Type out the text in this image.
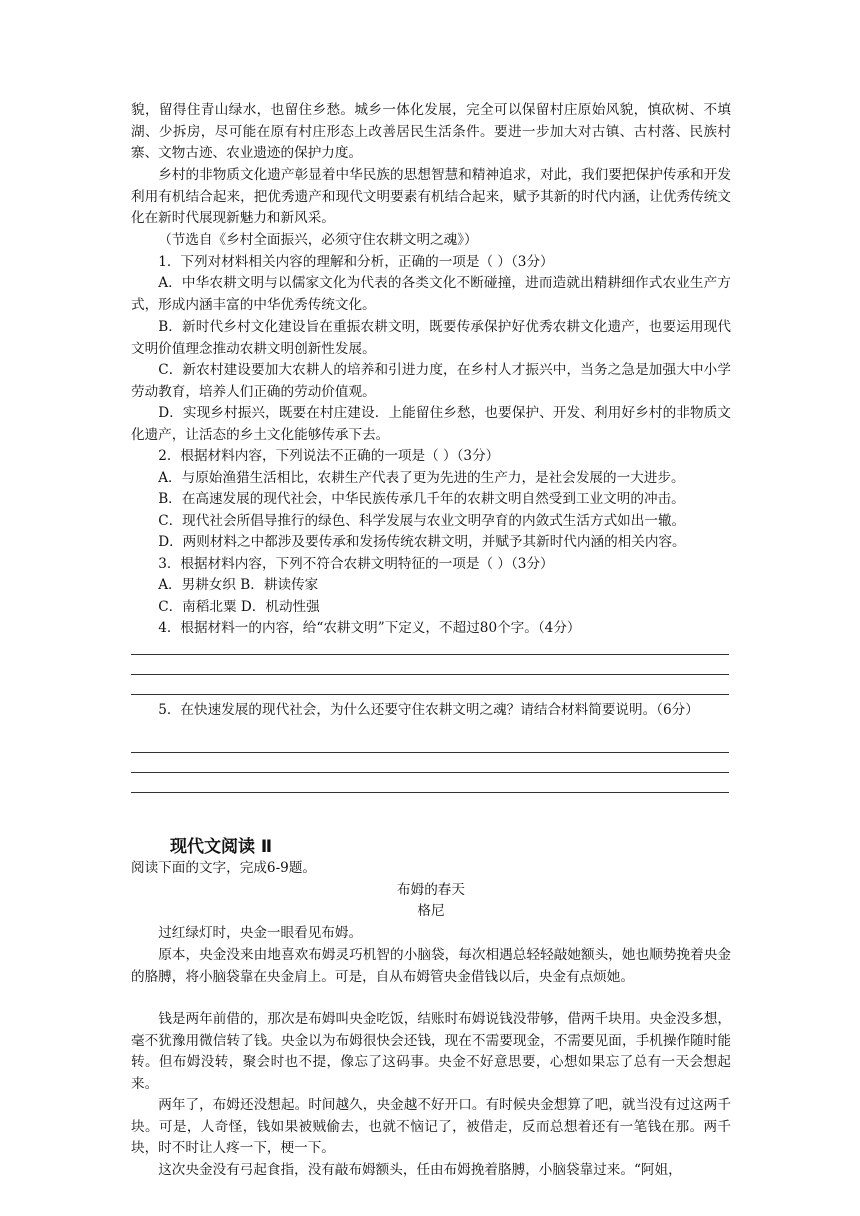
貌，留得住青山绿水，也留住乡愁。城乡一体化发展，完全可以保留村庄原始风貌，慎砍树、不填湖、少拆房，尽可能在原有村庄形态上改善居民生活条件。要进一步加大对古镇、古村落、民族村寨、文物古迹、农业遗迹的保护力度。

乡村的非物质文化遗产彰显着中华民族的思想智慧和精神追求，对此，我们要把保护传承和开发利用有机结合起来，把优秀遗产和现代文明要素有机结合起来，赋予其新的时代内涵，让优秀传统文化在新时代展现新魅力和新风采。

（节选自《乡村全面振兴，必须守住农耕文明之魂》）

1．下列对材料相关内容的理解和分析，正确的一项是（ ）（3分）

A．中华农耕文明与以儒家文化为代表的各类文化不断碰撞，进而造就出精耕细作式农业生产方式，形成内涵丰富的中华优秀传统文化。

B．新时代乡村文化建设旨在重振农耕文明，既要传承保护好优秀农耕文化遗产，也要运用现代文明价值理念推动农耕文明创新性发展。

C．新农村建设要加大农耕人的培养和引进力度，在乡村人才振兴中，当务之急是加强大中小学劳动教育，培养人们正确的劳动价值观。

D．实现乡村振兴，既要在村庄建设．上能留住乡愁，也要保护、开发、利用好乡村的非物质文化遗产，让活态的乡土文化能够传承下去。

2．根据材料内容，下列说法不正确的一项是（ ）（3分）

A．与原始渔猎生活相比，农耕生产代表了更为先进的生产力，是社会发展的一大进步。

B．在高速发展的现代社会，中华民族传承几千年的农耕文明自然受到工业文明的冲击。

C．现代社会所倡导推行的绿色、科学发展与农业文明孕育的内敛式生活方式如出一辙。

D．两则材料之中都涉及要传承和发扬传统农耕文明，并赋予其新时代内涵的相关内容。

3．根据材料内容，下列不符合农耕文明特征的一项是（ ）（3分）

A．男耕女织 B．耕读传家

C．南稻北粟 D．机动性强

4．根据材料一的内容，给“农耕文明”下定义，不超过80个字。（4分）

5．在快速发展的现代社会，为什么还要守住农耕文明之魂？请结合材料简要说明。（6分）

现代文阅读 Ⅱ

阅读下面的文字，完成6-9题。

布姆的春天
格尼

过红绿灯时，央金一眼看见布姆。

原本，央金没来由地喜欢布姆灵巧机智的小脑袋，每次相遇总轻轻敲她额头，她也顺势挽着央金的胳膊，将小脑袋靠在央金肩上。可是，自从布姆管央金借钱以后，央金有点烦她。

钱是两年前借的，那次是布姆叫央金吃饭，结账时布姆说钱没带够，借两千块用。央金没多想，毫不犹豫用微信转了钱。央金以为布姆很快会还钱，现在不需要现金，不需要见面，手机操作随时能转。但布姆没转，聚会时也不提，像忘了这码事。央金不好意思要，心想如果忘了总有一天会想起来。

两年了，布姆还没想起。时间越久，央金越不好开口。有时候央金想算了吧，就当没有过这两千块。可是，人奇怪，钱如果被贼偷去，也就不恼记了，被借走，反而总想着还有一笔钱在那。两千块，时不时让人疼一下，梗一下。

这次央金没有弓起食指，没有敲布姆额头，任由布姆挽着胳膊，小脑袋靠过来。“阿姐，
